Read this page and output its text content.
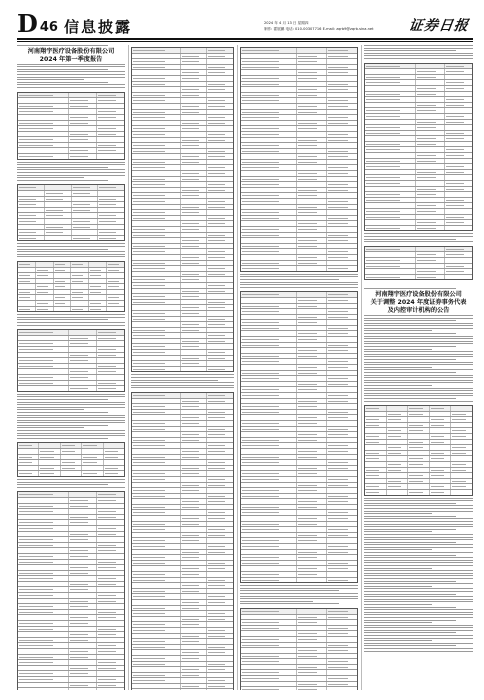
D 46 信息披露	2024 年 4 月 13 日 星期四
制作: 霍展鹏 电话: 010-00307716 E-mail: zqrb9@zqrb.sina.net	证券日报
河南翔宇医疗设备股份有限公司
2024 年第一季度报告
河南翔宇医疗设备股份有限公司
关于调整 2024 年度证券事务代表
及内控审计机构的公告
